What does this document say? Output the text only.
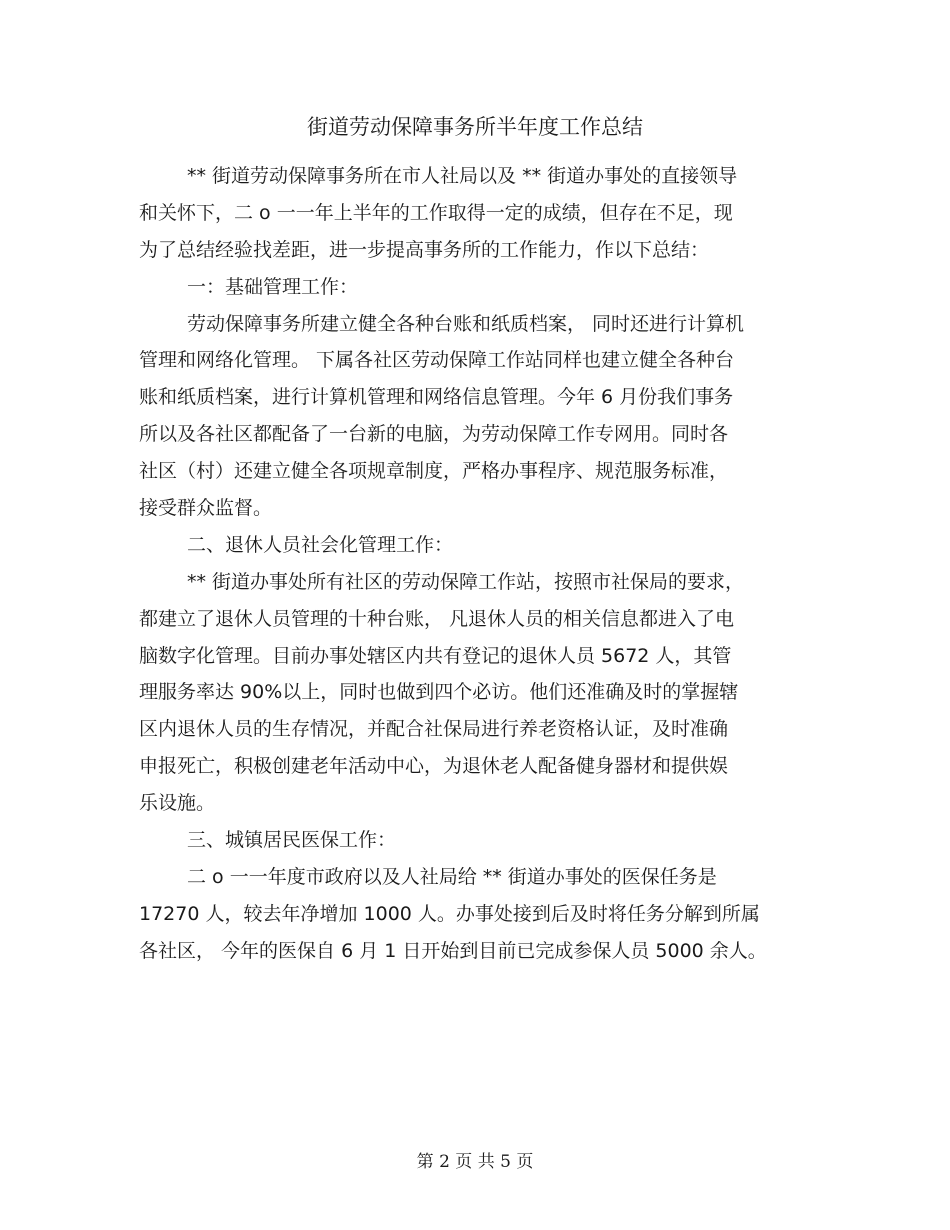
街道劳动保障事务所半年度工作总结
** 街道劳动保障事务所在市人社局以及 ** 街道办事处的直接领导
和关怀下，二 o 一一年上半年的工作取得一定的成绩，但存在不足，现
为了总结经验找差距，进一步提高事务所的工作能力，作以下总结：
一：基础管理工作：
劳动保障事务所建立健全各种台账和纸质档案， 同时还进行计算机
管理和网络化管理。 下属各社区劳动保障工作站同样也建立健全各种台
账和纸质档案，进行计算机管理和网络信息管理。今年 6 月份我们事务
所以及各社区都配备了一台新的电脑，为劳动保障工作专网用。同时各
社区（村）还建立健全各项规章制度，严格办事程序、规范服务标准，
接受群众监督。
二、退休人员社会化管理工作：
** 街道办事处所有社区的劳动保障工作站，按照市社保局的要求，
都建立了退休人员管理的十种台账， 凡退休人员的相关信息都进入了电
脑数字化管理。目前办事处辖区内共有登记的退休人员 5672 人，其管
理服务率达 90%以上，同时也做到四个必访。他们还准确及时的掌握辖
区内退休人员的生存情况，并配合社保局进行养老资格认证，及时准确
申报死亡，积极创建老年活动中心，为退休老人配备健身器材和提供娱
乐设施。
三、城镇居民医保工作：
二 o 一一年度市政府以及人社局给 ** 街道办事处的医保任务是
17270 人，较去年净增加 1000 人。办事处接到后及时将任务分解到所属
各社区， 今年的医保自 6 月 1 日开始到目前已完成参保人员 5000 余人。
第 2 页 共 5 页
